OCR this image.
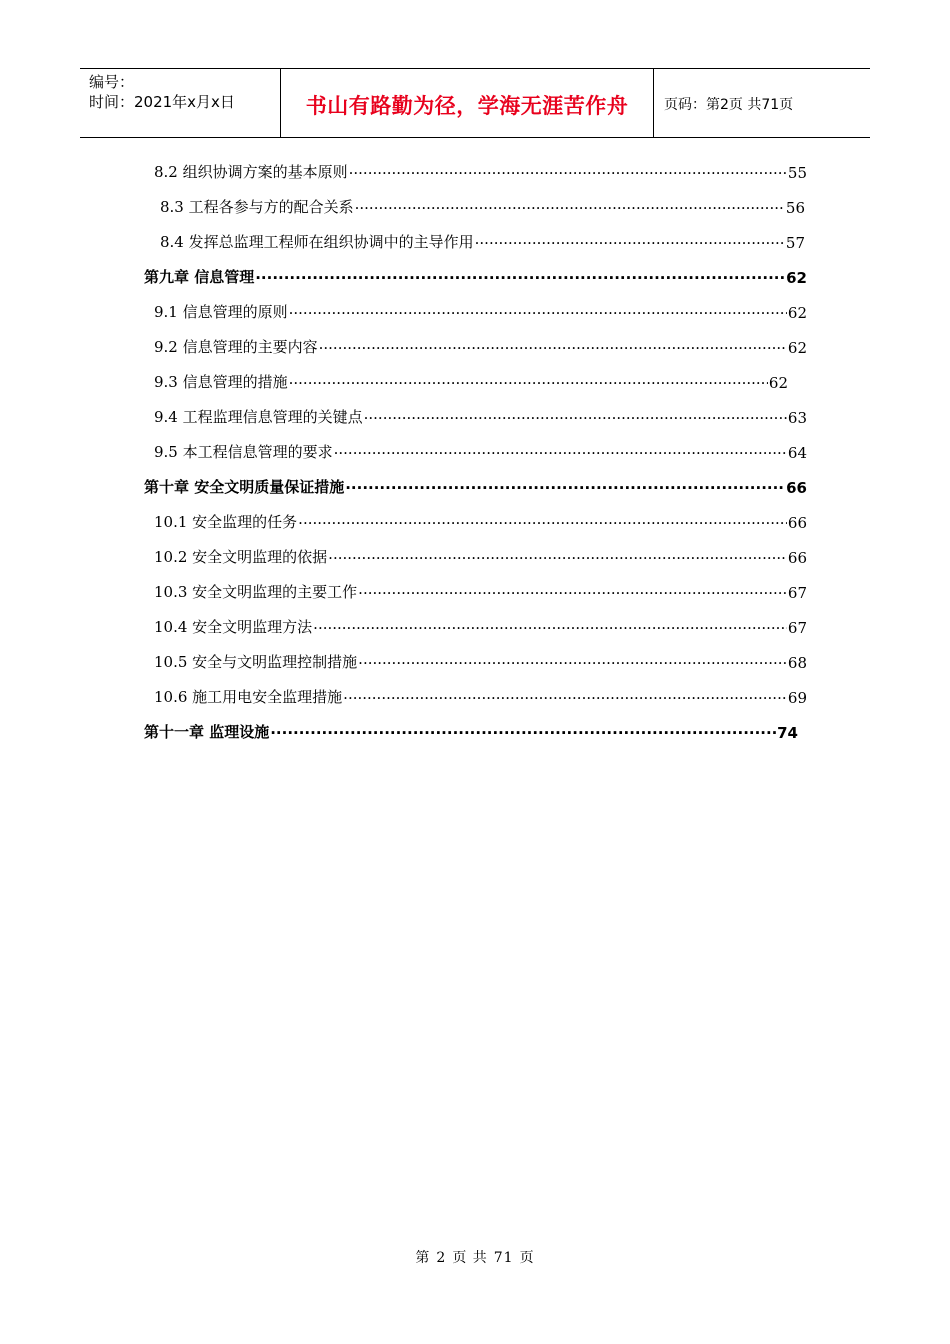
编号：
时间：2021年x月x日	书山有路勤为径，学海无涯苦作舟	页码：第2页 共71页
8.2 组织协调方案的基本原则 ·····	55
8.3 工程各参与方的配合关系 ·····	56
8.4 发挥总监理工程师在组织协调中的主导作用 ·····	57
第九章 信息管理 ·····	62
9.1 信息管理的原则 ·····	62
9.2 信息管理的主要内容 ·····	62
9.3 信息管理的措施 ·····	62
9.4 工程监理信息管理的关键点 ·····	63
9.5 本工程信息管理的要求 ·····	64
第十章 安全文明质量保证措施 ·····	66
10.1 安全监理的任务 ·····	66
10.2 安全文明监理的依据 ·····	66
10.3 安全文明监理的主要工作 ·····	67
10.4 安全文明监理方法 ·····	67
10.5 安全与文明监理控制措施 ·····	68
10.6 施工用电安全监理措施 ·····	69
第十一章 监理设施 ·····	74
第 2 页 共 71 页
